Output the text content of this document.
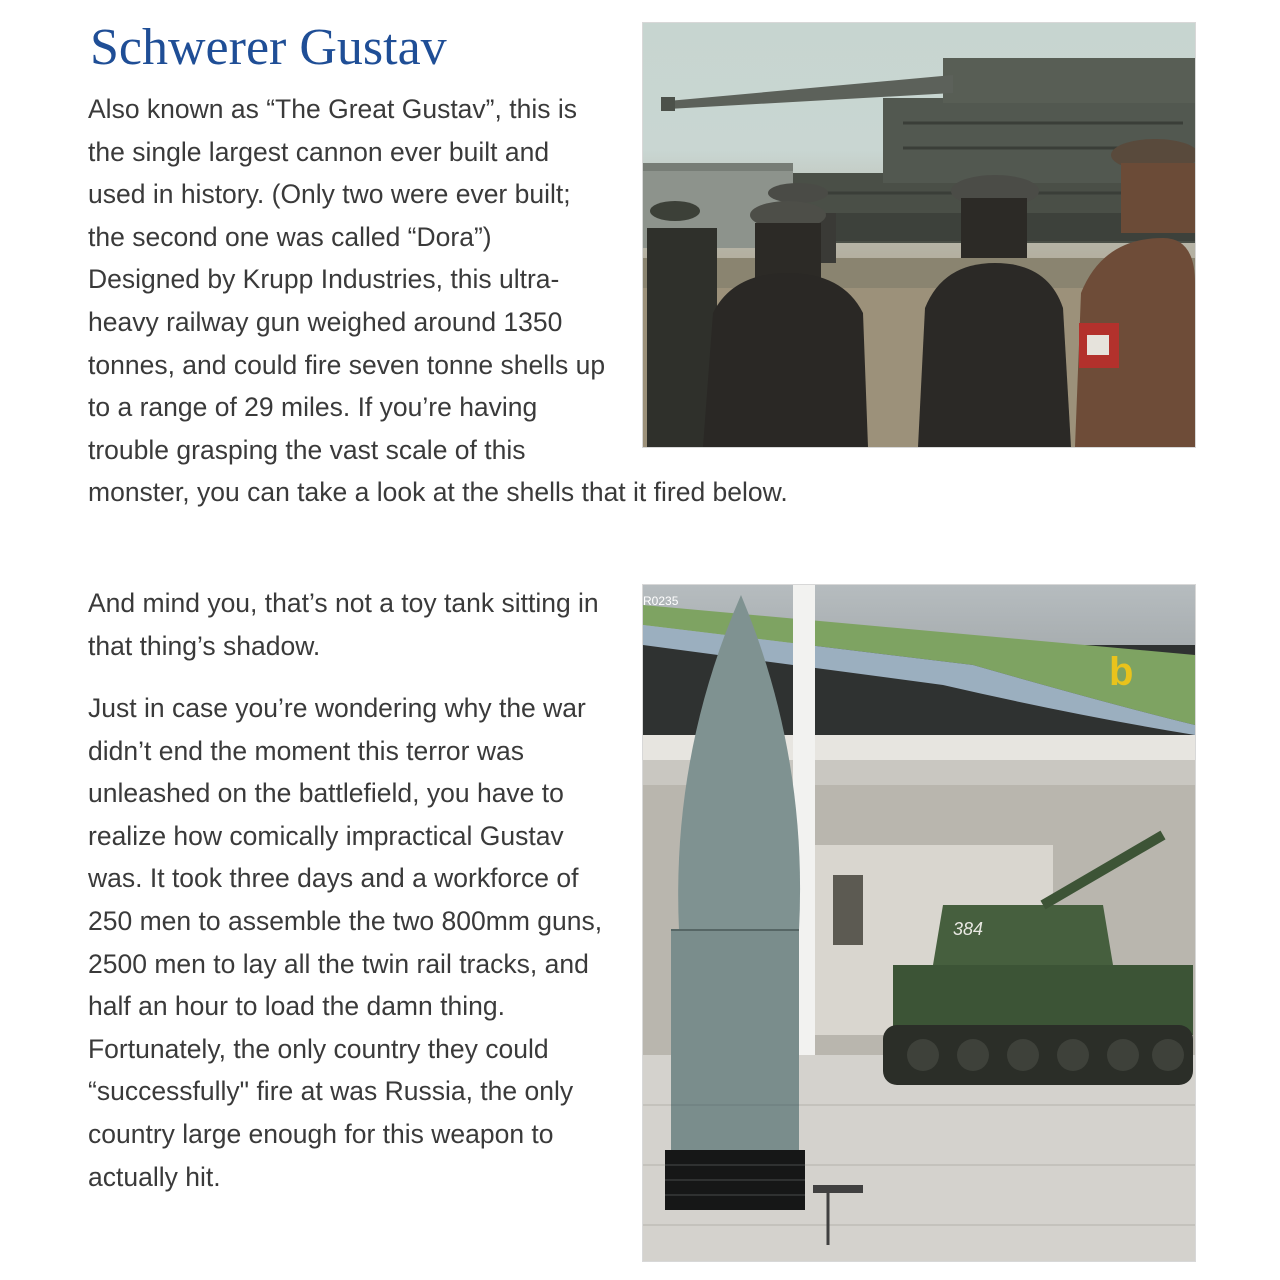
Schwerer Gustav

Also known as “The Great Gustav”, this is the single largest cannon ever built and used in history. (Only two were ever built; the second one was called “Dora”) Designed by Krupp Industries, this ultra-heavy railway gun weighed around 1350 tonnes, and could fire seven tonne shells up to a range of 29 miles. If you’re having trouble grasping the vast scale of this
monster, you can take a look at the shells that it fired below.

And mind you, that’s not a toy tank sitting in that thing’s shadow.

Just in case you’re wondering why the war didn’t end the moment this terror was unleashed on the battlefield, you have to realize how comically impractical Gustav was. It took three days and a workforce of 250 men to assemble the two 800mm guns, 2500 men to lay all the twin rail tracks, and half an hour to load the damn thing. Fortunately, the only country they could “successfully" fire at was Russia, the only country large enough for this weapon to actually hit.

R0235
b
384
